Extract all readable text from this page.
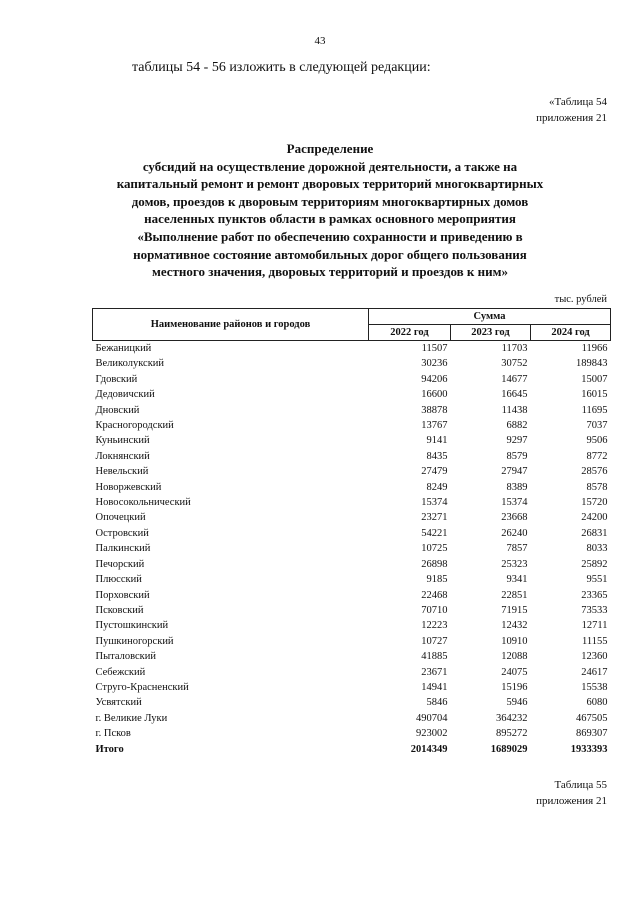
43
таблицы 54 - 56 изложить в следующей редакции:
«Таблица 54
приложения 21
Распределение
субсидий на осуществление дорожной деятельности, а также на
капитальный ремонт и ремонт дворовых территорий многоквартирных
домов, проездов к дворовым территориям многоквартирных домов
населенных пунктов области в рамках основного мероприятия
«Выполнение работ по обеспечению сохранности и приведению в
нормативное состояние автомобильных дорог общего пользования
местного значения, дворовых территорий и проездов к ним»
тыс. рублей
Наименование районов и городов	Сумма		
	2022 год	2023 год	2024 год
Бежаницкий	11507	11703	11966
Великолукский	30236	30752	189843
Гдовский	94206	14677	15007
Дедовичский	16600	16645	16015
Дновский	38878	11438	11695
Красногородский	13767	6882	7037
Куньинский	9141	9297	9506
Локнянский	8435	8579	8772
Невельский	27479	27947	28576
Новоржевский	8249	8389	8578
Новосокольнический	15374	15374	15720
Опочецкий	23271	23668	24200
Островский	54221	26240	26831
Палкинский	10725	7857	8033
Печорский	26898	25323	25892
Плюсский	9185	9341	9551
Порховский	22468	22851	23365
Псковский	70710	71915	73533
Пустошкинский	12223	12432	12711
Пушкиногорский	10727	10910	11155
Пыталовский	41885	12088	12360
Себежский	23671	24075	24617
Струго-Красненский	14941	15196	15538
Усвятский	5846	5946	6080
г. Великие Луки	490704	364232	467505
г. Псков	923002	895272	869307
Итого	2014349	1689029	1933393
Таблица 55
приложения 21
